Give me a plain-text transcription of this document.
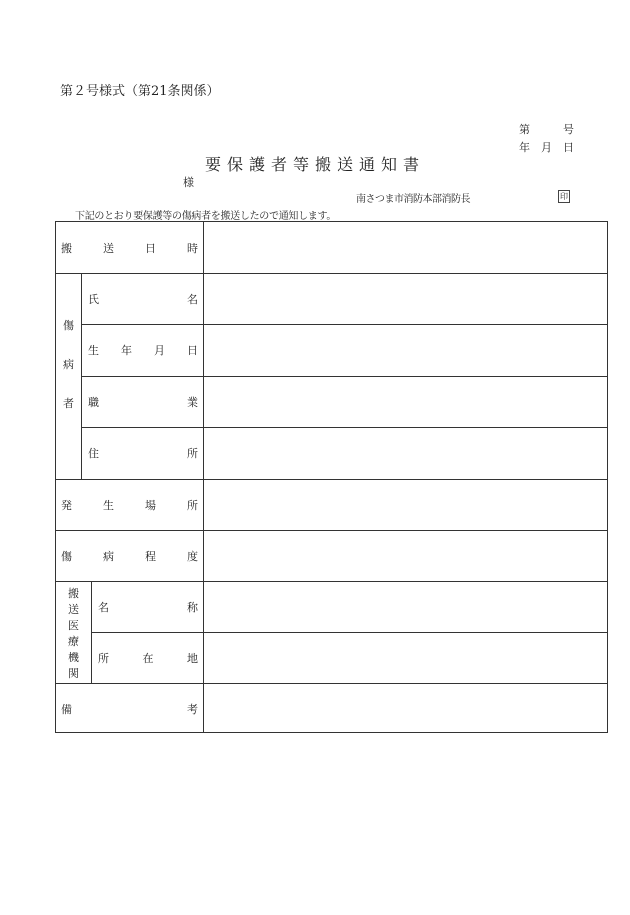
第２号様式（第21条関係）
第　　　号
年　月　日
要保護者等搬送通知書
様
南さつま市消防本部消防長	印
下記のとおり要保護等の傷病者を搬送したので通知します。
搬	送	日	時
傷
病
者
氏	名
生 年 月 日
職	業
住	所
発	生	場	所
傷	病	程	度
搬
送
医
療
機
関
名	称
所	在	地
備	考
